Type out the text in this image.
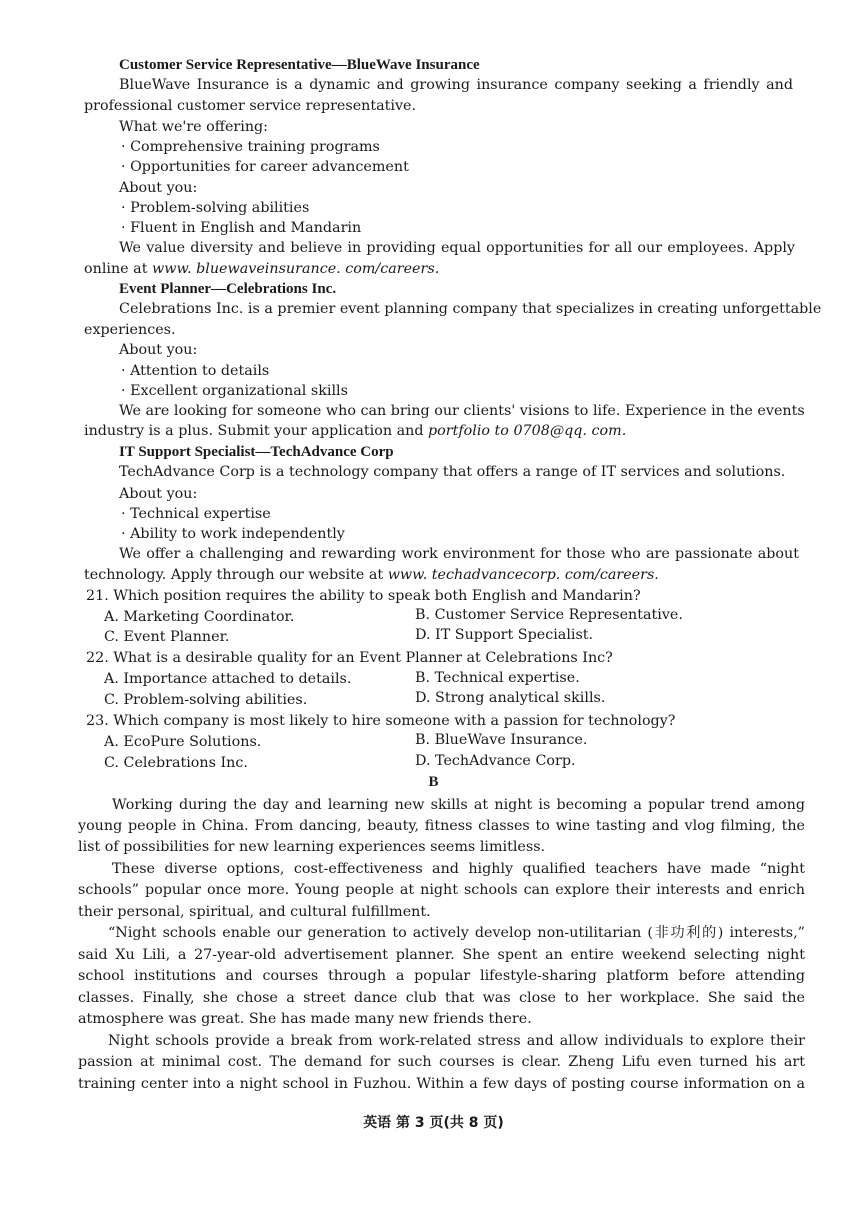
Customer Service Representative—BlueWave Insurance
BlueWave Insurance is a dynamic and growing insurance company seeking a friendly and
professional customer service representative.
What we're offering:
· Comprehensive training programs
· Opportunities for career advancement
About you:
· Problem-solving abilities
· Fluent in English and Mandarin
We value diversity and believe in providing equal opportunities for all our employees. Apply
online at www. bluewaveinsurance. com/careers.
Event Planner—Celebrations Inc.
Celebrations Inc. is a premier event planning company that specializes in creating unforgettable
experiences.
About you:
· Attention to details
· Excellent organizational skills
We are looking for someone who can bring our clients' visions to life. Experience in the events
industry is a plus. Submit your application and portfolio to 0708@qq. com.
IT Support Specialist—TechAdvance Corp
TechAdvance Corp is a technology company that offers a range of IT services and solutions.
About you:
· Technical expertise
· Ability to work independently
We offer a challenging and rewarding work environment for those who are passionate about
technology. Apply through our website at www. techadvancecorp. com/careers.
21. Which position requires the ability to speak both English and Mandarin?
A. Marketing Coordinator.	B. Customer Service Representative.
C. Event Planner.	D. IT Support Specialist.
22. What is a desirable quality for an Event Planner at Celebrations Inc?
A. Importance attached to details.	B. Technical expertise.
C. Problem-solving abilities.	D. Strong analytical skills.
23. Which company is most likely to hire someone with a passion for technology?
A. EcoPure Solutions.	B. BlueWave Insurance.
C. Celebrations Inc.	D. TechAdvance Corp.
B
Working during the day and learning new skills at night is becoming a popular trend among
young people in China. From dancing, beauty, fitness classes to wine tasting and vlog filming, the
list of possibilities for new learning experiences seems limitless.
These diverse options, cost-effectiveness and highly qualified teachers have made “night
schools” popular once more. Young people at night schools can explore their interests and enrich
their personal, spiritual, and cultural fulfillment.
“Night schools enable our generation to actively develop non-utilitarian (非功利的) interests,”
said Xu Lili, a 27-year-old advertisement planner. She spent an entire weekend selecting night
school institutions and courses through a popular lifestyle-sharing platform before attending
classes. Finally, she chose a street dance club that was close to her workplace. She said the
atmosphere was great. She has made many new friends there.
Night schools provide a break from work-related stress and allow individuals to explore their
passion at minimal cost. The demand for such courses is clear. Zheng Lifu even turned his art
training center into a night school in Fuzhou. Within a few days of posting course information on a
英语 第 3 页(共 8 页)
